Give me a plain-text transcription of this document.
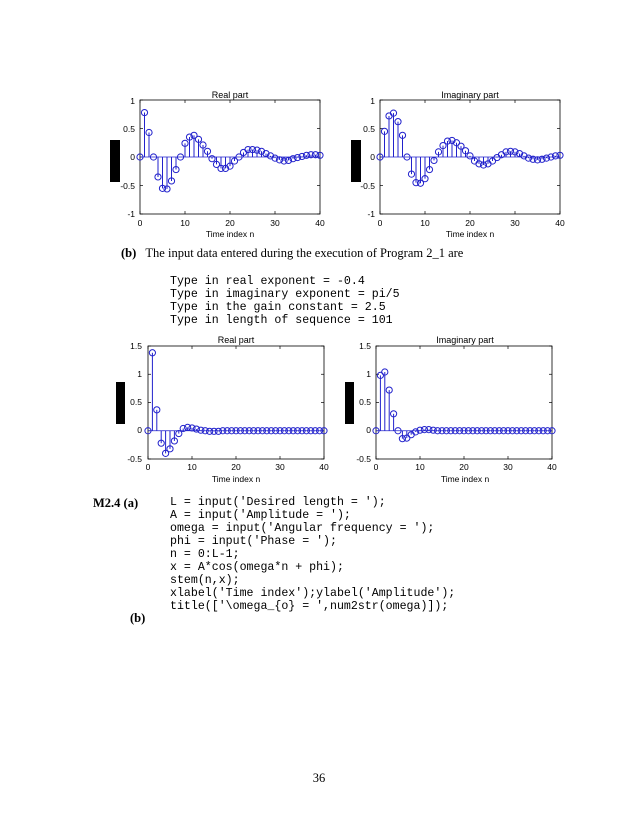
Real part
Time index n
1
0.5
0
-0.5
-1
0	10	20	30	40
Imaginary part
Time index n
1
0.5
0
-0.5
-1
0	10	20	30	40
(b) The input data entered during the execution of Program 2_1 are
Type in real exponent = -0.4
Type in imaginary exponent = pi/5
Type in the gain constant = 2.5
Type in length of sequence = 101
Real part
Time index n
1.5
1
0.5
0
-0.5
0	10	20	30	40
Imaginary part
Time index n
1.5
1
0.5
0
-0.5
0	10	20	30	40
M2.4 (a)	L = input('Desired length = ');
A = input('Amplitude = ');
omega = input('Angular frequency = ');
phi = input('Phase = ');
n = 0:L-1;
x = A*cos(omega*n + phi);
stem(n,x);
xlabel('Time index');ylabel('Amplitude');
title(['\omega_{o} = ',num2str(omega)]);
(b)
36
